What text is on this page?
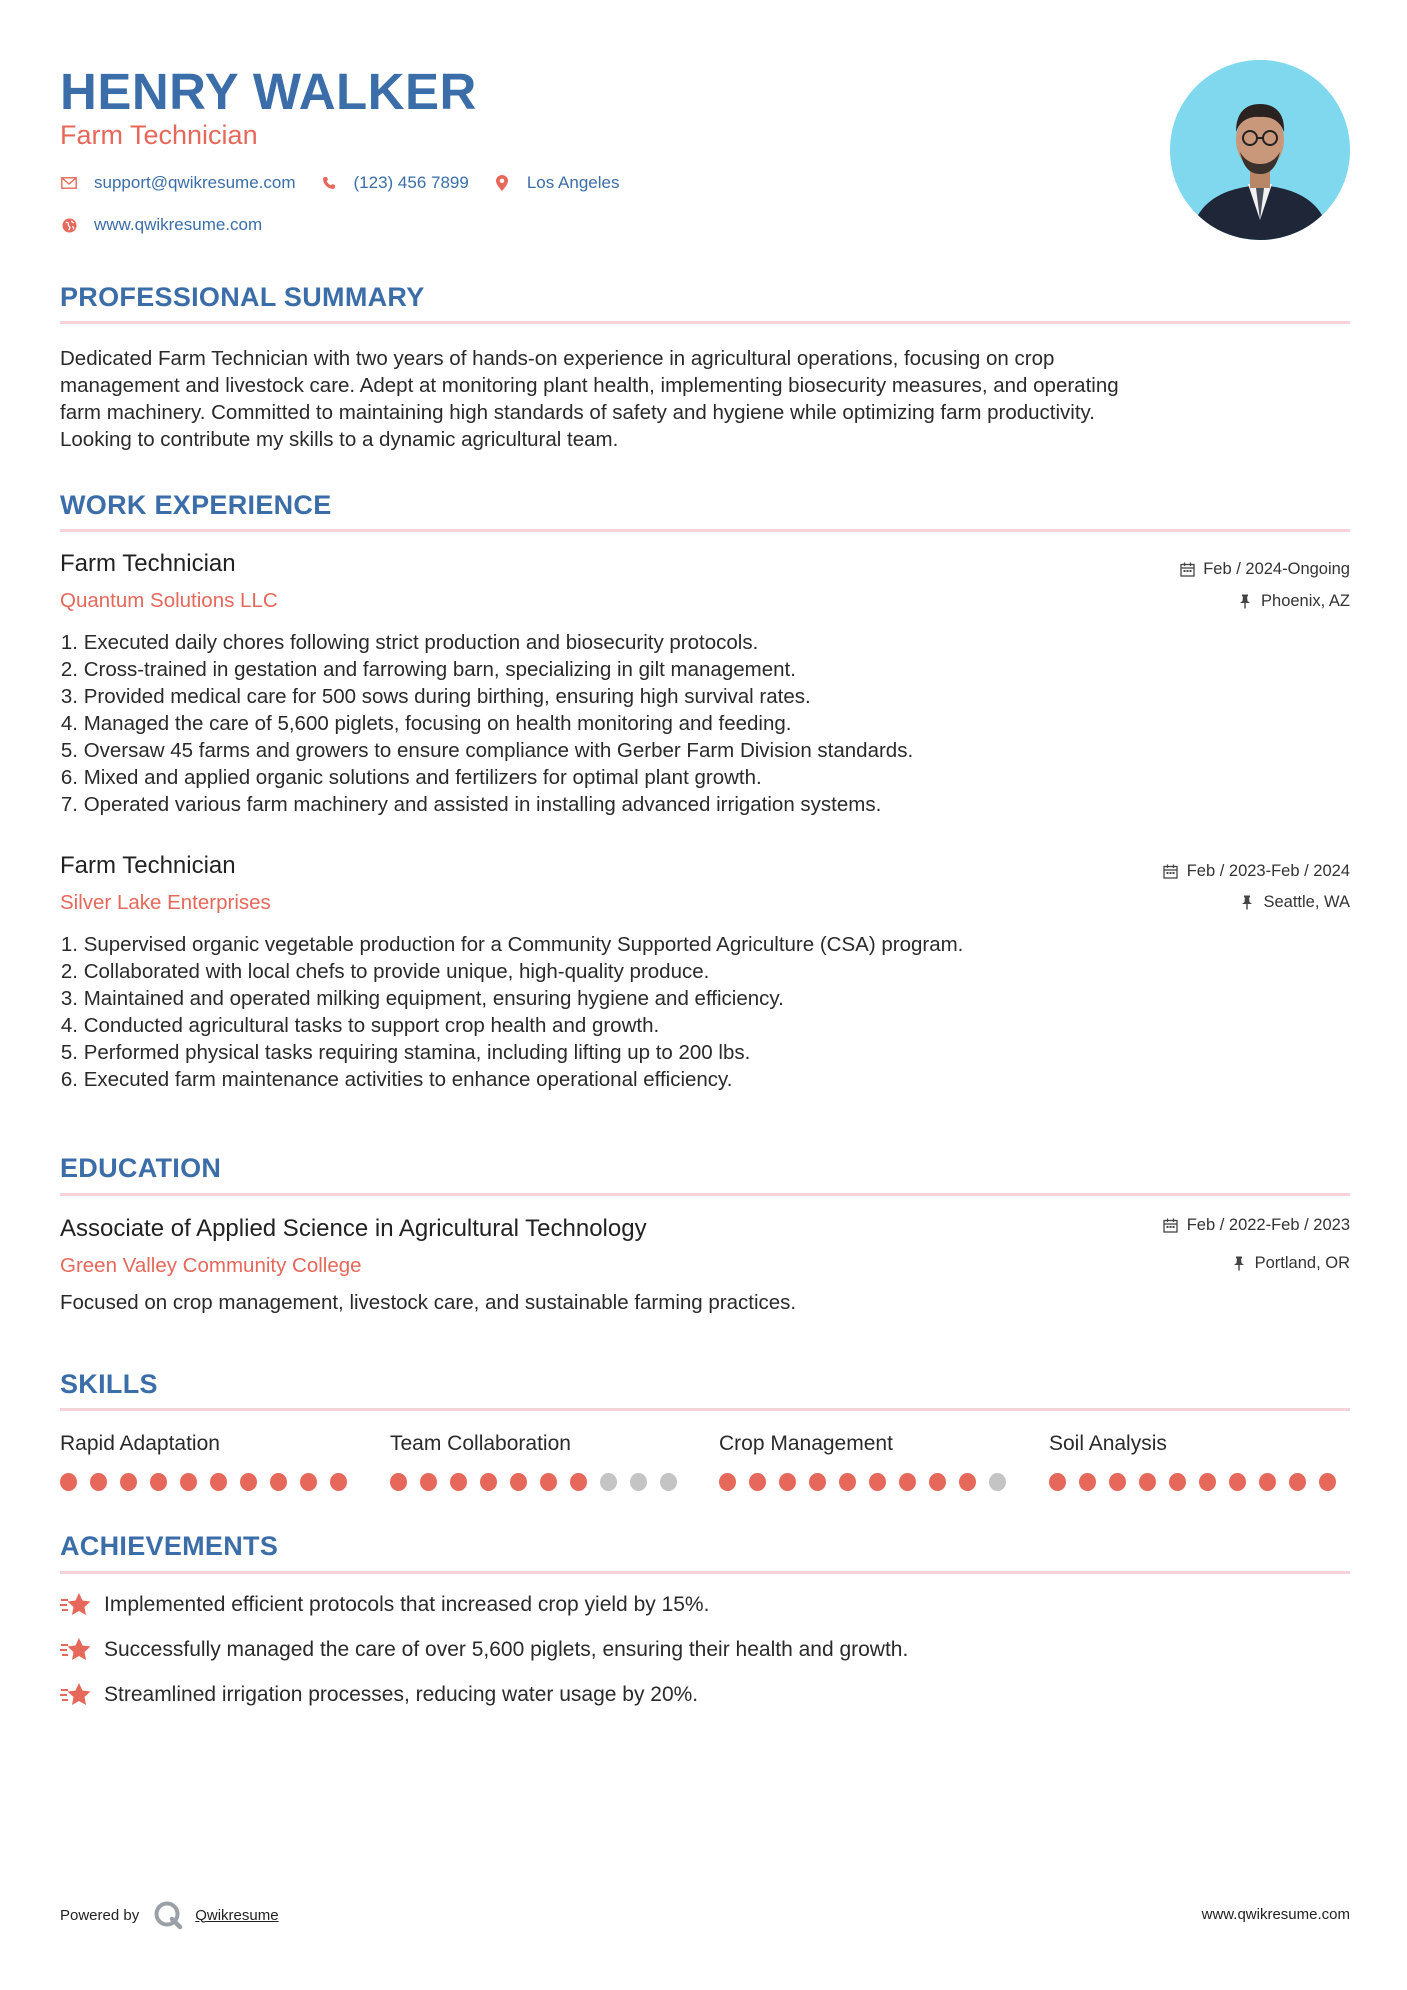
HENRY WALKER
Farm Technician
support@qwikresume.com	(123) 456 7899	Los Angeles
www.qwikresume.com
PROFESSIONAL SUMMARY
Dedicated Farm Technician with two years of hands-on experience in agricultural operations, focusing on crop
management and livestock care. Adept at monitoring plant health, implementing biosecurity measures, and operating
farm machinery. Committed to maintaining high standards of safety and hygiene while optimizing farm productivity.
Looking to contribute my skills to a dynamic agricultural team.
WORK EXPERIENCE
Farm Technician
Quantum Solutions LLC
Feb / 2024-Ongoing
Phoenix, AZ
1. Executed daily chores following strict production and biosecurity protocols.
2. Cross-trained in gestation and farrowing barn, specializing in gilt management.
3. Provided medical care for 500 sows during birthing, ensuring high survival rates.
4. Managed the care of 5,600 piglets, focusing on health monitoring and feeding.
5. Oversaw 45 farms and growers to ensure compliance with Gerber Farm Division standards.
6. Mixed and applied organic solutions and fertilizers for optimal plant growth.
7. Operated various farm machinery and assisted in installing advanced irrigation systems.
Farm Technician
Silver Lake Enterprises
Feb / 2023-Feb / 2024
Seattle, WA
1. Supervised organic vegetable production for a Community Supported Agriculture (CSA) program.
2. Collaborated with local chefs to provide unique, high-quality produce.
3. Maintained and operated milking equipment, ensuring hygiene and efficiency.
4. Conducted agricultural tasks to support crop health and growth.
5. Performed physical tasks requiring stamina, including lifting up to 200 lbs.
6. Executed farm maintenance activities to enhance operational efficiency.
EDUCATION
Associate of Applied Science in Agricultural Technology
Green Valley Community College
Feb / 2022-Feb / 2023
Portland, OR
Focused on crop management, livestock care, and sustainable farming practices.
SKILLS
Rapid Adaptation	Team Collaboration	Crop Management	Soil Analysis
ACHIEVEMENTS
Implemented efficient protocols that increased crop yield by 15%.
Successfully managed the care of over 5,600 piglets, ensuring their health and growth.
Streamlined irrigation processes, reducing water usage by 20%.
Powered by	Qwikresume	www.qwikresume.com
